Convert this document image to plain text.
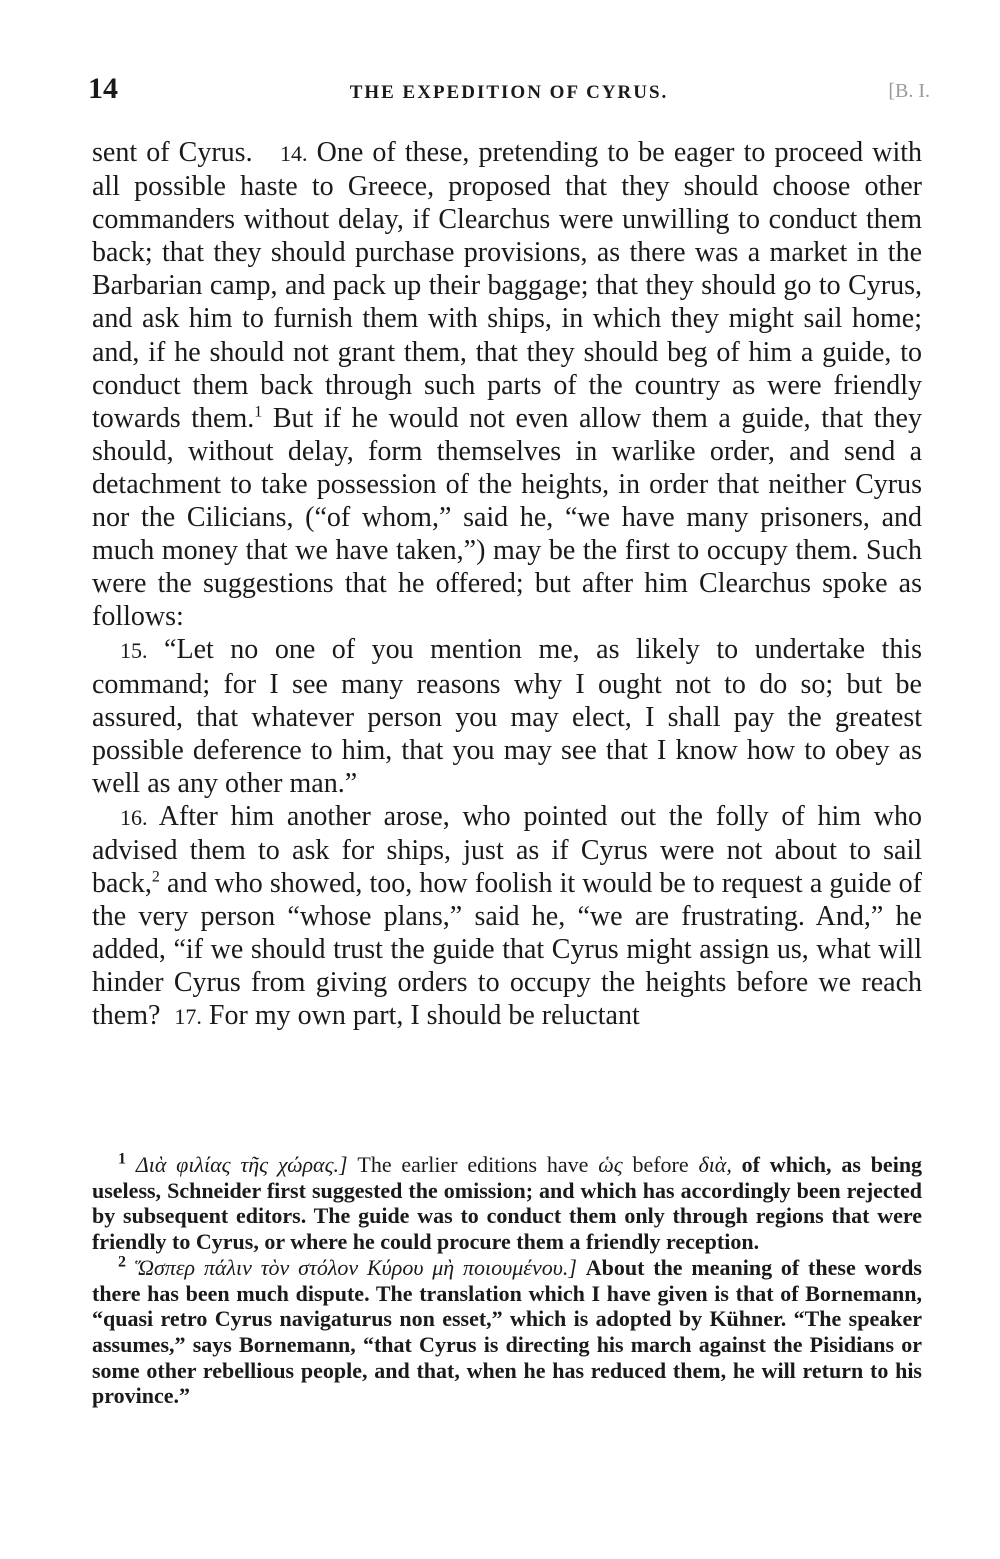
14	THE EXPEDITION OF CYRUS.	[B. I.

sent of Cyrus. 14. One of these, pretending to be eager to proceed with all possible haste to Greece, proposed that they should choose other commanders without delay, if Clearchus were unwilling to conduct them back; that they should purchase provisions, as there was a market in the Barbarian camp, and pack up their baggage; that they should go to Cyrus, and ask him to furnish them with ships, in which they might sail home; and, if he should not grant them, that they should beg of him a guide, to conduct them back through such parts of the country as were friendly towards them.$^1$ But if he would not even allow them a guide, that they should, without delay, form themselves in warlike order, and send a detachment to take possession of the heights, in order that neither Cyrus nor the Cilicians, (“of whom,” said he, “we have many prisoners, and much money that we have taken,”) may be the first to occupy them. Such were the suggestions that he offered; but after him Clearchus spoke as follows:

15. “Let no one of you mention me, as likely to undertake this command; for I see many reasons why I ought not to do so; but be assured, that whatever person you may elect, I shall pay the greatest possible deference to him, that you may see that I know how to obey as well as any other man.”

16. After him another arose, who pointed out the folly of him who advised them to ask for ships, just as if Cyrus were not about to sail back,$^2$ and who showed, too, how foolish it would be to request a guide of the very person “whose plans,” said he, “we are frustrating. And,” he added, “if we should trust the guide that Cyrus might assign us, what will hinder Cyrus from giving orders to occupy the heights before we reach them? 17. For my own part, I should be reluctant

$^1$ Διὰ φιλίας τῆς χώρας.] The earlier editions have ὡς before διὰ, of which, as being useless, Schneider first suggested the omission; and which has accordingly been rejected by subsequent editors. The guide was to conduct them only through regions that were friendly to Cyrus, or where he could procure them a friendly reception.

$^2$ Ὥσπερ πάλιν τὸν στόλον Κύρου μὴ ποιουμένου.] About the meaning of these words there has been much dispute. The translation which I have given is that of Bornemann, “quasi retro Cyrus navigaturus non esset,” which is adopted by Kühner. “The speaker assumes,” says Bornemann, “that Cyrus is directing his march against the Pisidians or some other rebellious people, and that, when he has reduced them, he will return to his province.”
